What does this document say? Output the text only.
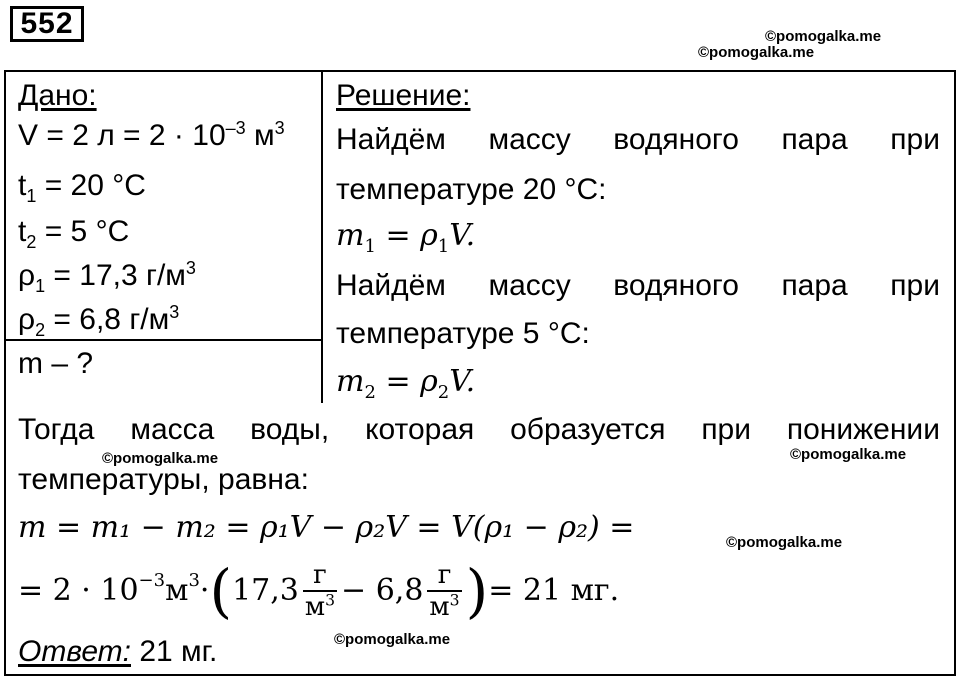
552	©pomogalka.me
©pomogalka.me
©pomogalka.me	©pomogalka.me
©pomogalka.me
©pomogalka.me
Дано:
V = 2 $л = 2 \cdot 10^{-3}$ $м^3$
$t_1 = 20$ °C
$t_2 = 5$ °C
$\rho_1 = 17,3$ $г/м^3$
$\rho_2 = 6,8$ $г/м^3$
m – ?
Решение:
Найдём массу водяного пара при
температуре 20 °C:
$m_1 = \rho_1V$.
Найдём массу водяного пара при
температуре 5 °C:
$m_2 = \rho_2V$.
Тогда масса воды, которая образуется при понижении
температуры, равна:
m = m₁ − m₂ = ρ₁V − ρ₂V = V(ρ₁ − ρ₂) =
= $2 \cdot 10^{-3}$ $м^3$ · ( $17,3 \frac{г}{м^3} - 6,8 \frac{г}{м^3}$ ) = 21 мг.
Ответ: 21 мг.
